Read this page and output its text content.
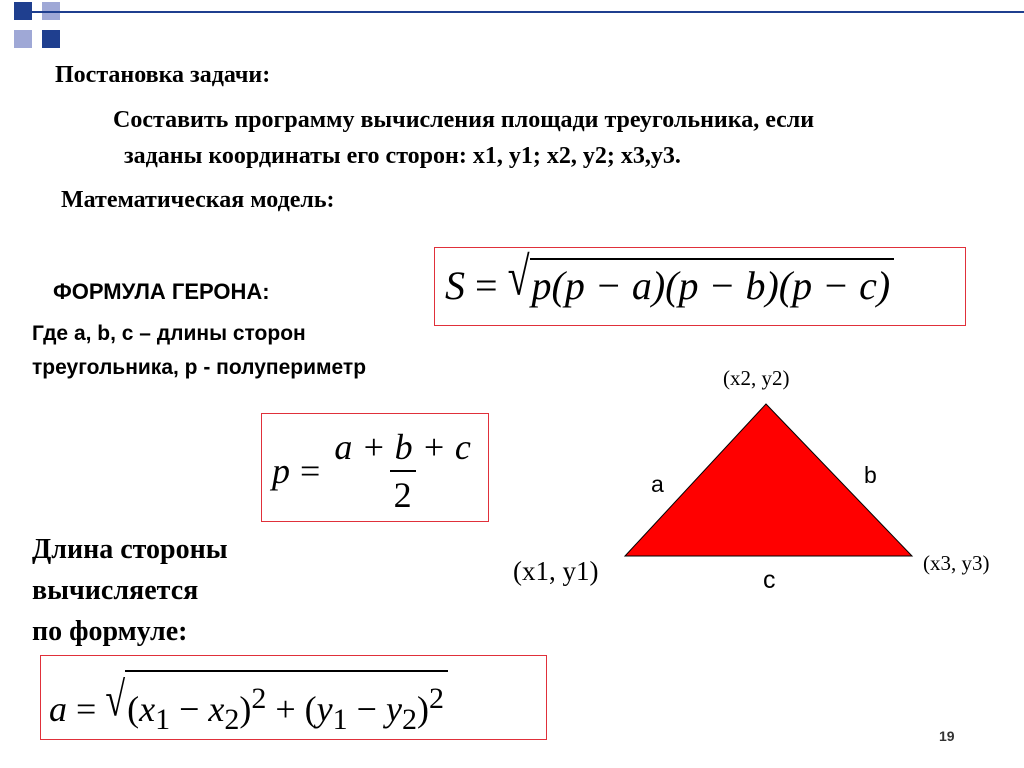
Постановка задачи:
Составить программу вычисления площади треугольника, если
заданы координаты его сторон: x1, y1; x2, y2; x3,y3.
Математическая модель:
ФОРМУЛА ГЕРОНА:
Где a, b, c – длины сторон
треугольника, р - полупериметр
Длина стороны
вычисляется
по формуле:
S = √p(p − a)(p − b)(p − c)
$p = \frac{a + b + c}{2}$
$a = √(x_1 - x_2)^2 + (y_1 - y_2)^2$
(x2, y2)
(x1, y1)	(x3, y3)
a	b
c
19
